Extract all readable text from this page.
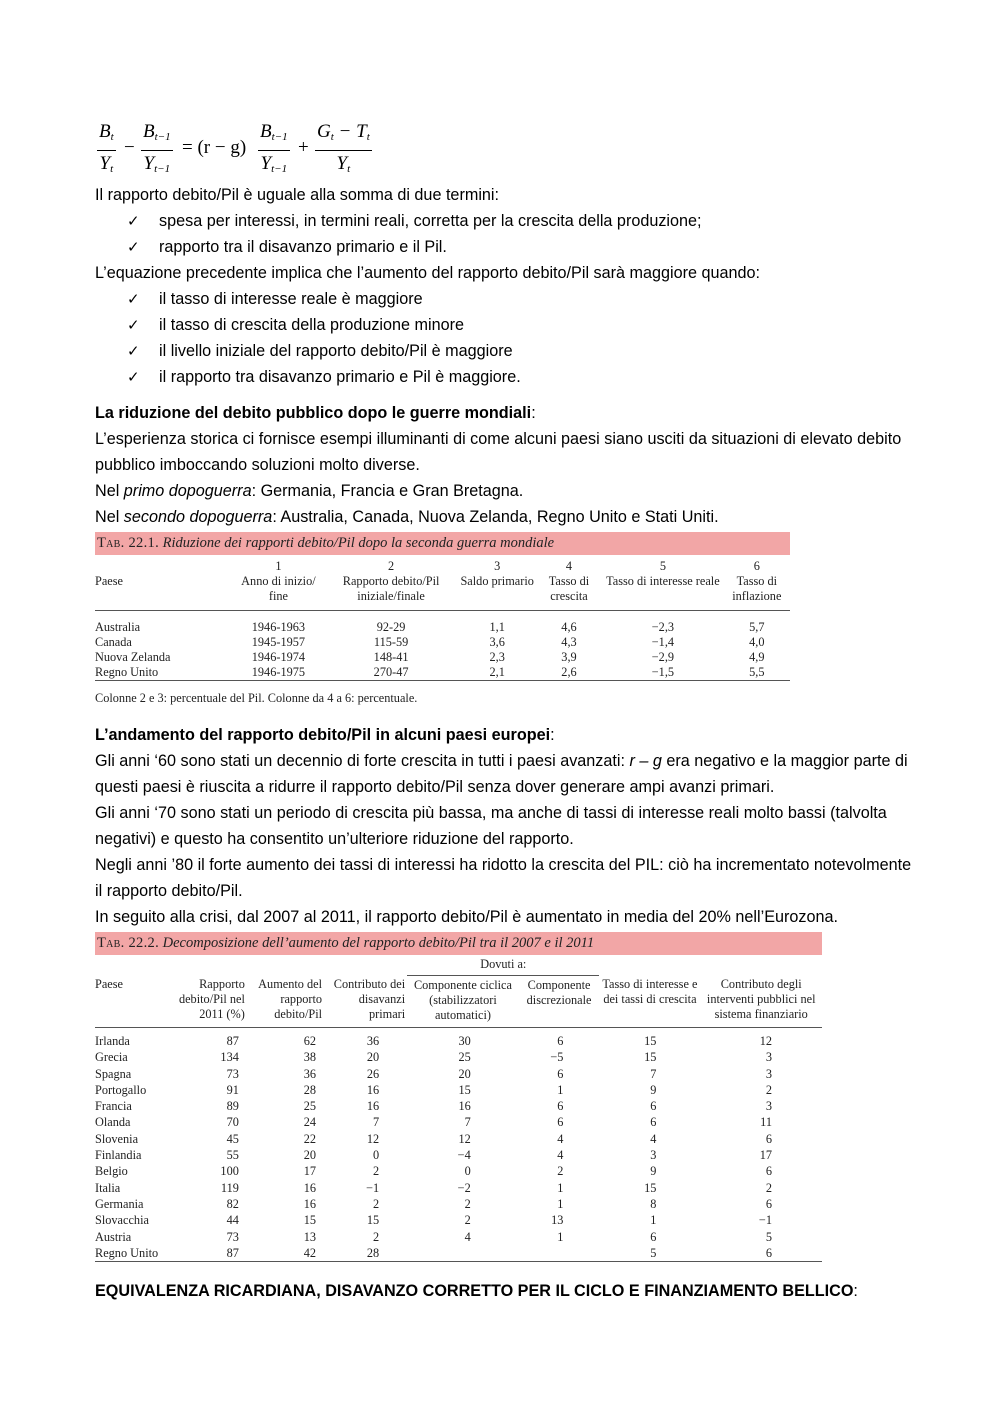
$\frac{B_t}{Y_t} - \frac{B_{t-1}}{Y_{t-1}} = (r - g) \frac{B_{t-1}}{Y_{t-1}} + \frac{G_t - T_t}{Y_t}$

Il rapporto debito/Pil è uguale alla somma di due termini:

✓ spesa per interessi, in termini reali, corretta per la crescita della produzione;
✓ rapporto tra il disavanzo primario e il Pil.

L’equazione precedente implica che l’aumento del rapporto debito/Pil sarà maggiore quando:

✓ il tasso di interesse reale è maggiore
✓ il tasso di crescita della produzione minore
✓ il livello iniziale del rapporto debito/Pil è maggiore
✓ il rapporto tra disavanzo primario e Pil è maggiore.

La riduzione del debito pubblico dopo le guerre mondiali:

L’esperienza storica ci fornisce esempi illuminanti di come alcuni paesi siano usciti da situazioni di elevato debito pubblico imboccando soluzioni molto diverse.

Nel primo dopoguerra: Germania, Francia e Gran Bretagna.

Nel secondo dopoguerra: Australia, Canada, Nuova Zelanda, Regno Unito e Stati Uniti.

Tab. 22.1. Riduzione dei rapporti debito/Pil dopo la seconda guerra mondiale
	1	2	3	4	5	6
Paese	Anno di inizio/ fine	Rapporto debito/Pil iniziale/finale	Saldo primario	Tasso di crescita	Tasso di interesse reale	Tasso di inflazione

Australia	1946-1963	92-29	1,1	4,6	−2,3	5,7
Canada	1945-1957	115-59	3,6	4,3	−1,4	4,0
Nuova Zelanda	1946-1974	148-41	2,3	3,9	−2,9	4,9
Regno Unito	1946-1975	270-47	2,1	2,6	−1,5	5,5
Colonne 2 e 3: percentuale del Pil. Colonne da 4 a 6: percentuale.

L’andamento del rapporto debito/Pil in alcuni paesi europei:

Gli anni ‘60 sono stati un decennio di forte crescita in tutti i paesi avanzati: r – g era negativo e la maggior parte di questi paesi è riuscita a ridurre il rapporto debito/Pil senza dover generare ampi avanzi primari.

Gli anni ‘70 sono stati un periodo di crescita più bassa, ma anche di tassi di interesse reali molto bassi (talvolta negativi) e questo ha consentito un’ulteriore riduzione del rapporto.

Negli anni ’80 il forte aumento dei tassi di interessi ha ridotto la crescita del PIL: ciò ha incrementato notevolmente il rapporto debito/Pil.

In seguito alla crisi, dal 2007 al 2011, il rapporto debito/Pil è aumentato in media del 20% nell’Eurozona.

Tab. 22.2. Decomposizione dell’aumento del rapporto debito/Pil tra il 2007 e il 2011
				Dovuti a:			
Paese	Rapporto debito/Pil nel 2011 (%)	Aumento del rapporto debito/Pil	Contributo dei disavanzi primari	Componente ciclica (stabilizzatori automatici)	Componente discrezionale	Tasso di interesse e dei tassi di crescita	Contributo degli interventi pubblici nel sistema finanziario

Irlanda	87	62	36	30	6	15	12
Grecia	134	38	20	25	−5	15	3
Spagna	73	36	26	20	6	7	3
Portogallo	91	28	16	15	1	9	2
Francia	89	25	16	16	6	6	3
Olanda	70	24	7	7	6	6	11
Slovenia	45	22	12	12	4	4	6
Finlandia	55	20	0	−4	4	3	17
Belgio	100	17	2	0	2	9	6
Italia	119	16	−1	−2	1	15	2
Germania	82	16	2	2	1	8	6
Slovacchia	44	15	15	2	13	1	−1
Austria	73	13	2	4	1	6	5
Regno Unito	87	42	28			5	6

EQUIVALENZA RICARDIANA, DISAVANZO CORRETTO PER IL CICLO E FINANZIAMENTO BELLICO:
